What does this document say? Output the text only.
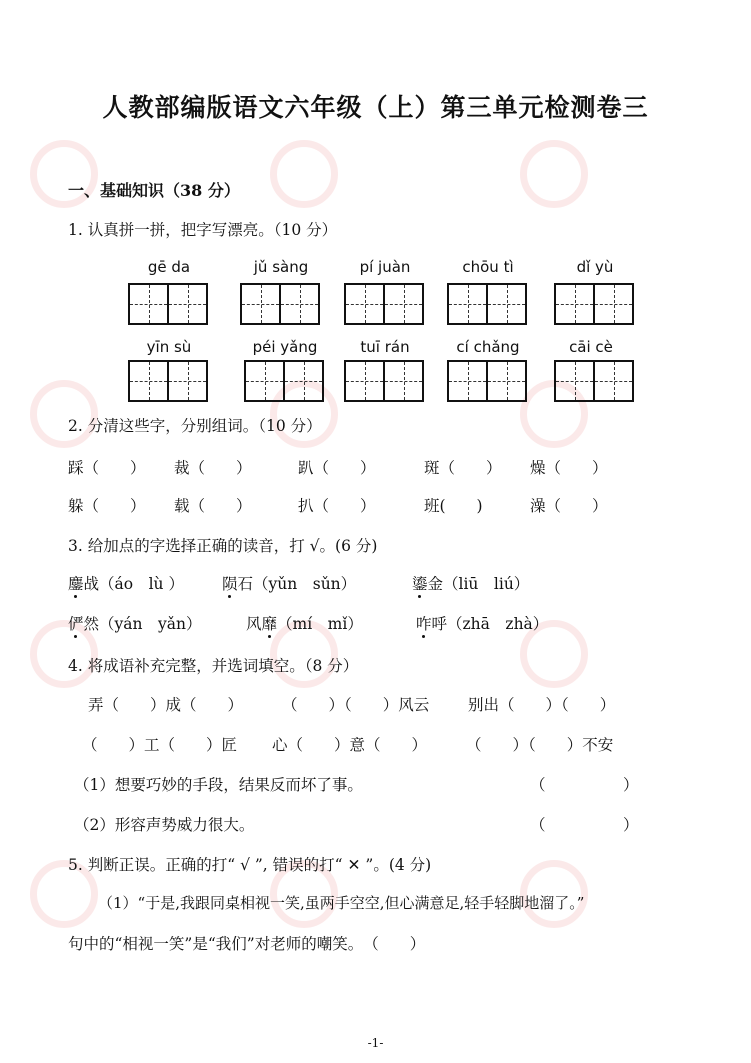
人教部编版语文六年级（上）第三单元检测卷三
一、基础知识（38 分）
1. 认真拼一拼，把字写漂亮。（10 分）
gē da	jǔ sàng	pí juàn	chōu tì	dǐ yù
yīn sù	péi yǎng	tuī rán	cí chǎng	cāi cè
2. 分清这些字，分别组词。（10 分）
踩（　　） 裁（　　）	趴（　　）	斑（　　） 燥（　　）
躲（　　） 载（　　）	扒（　　）	班(　　)	澡（　　）
3. 给加点的字选择正确的读音，打 √。(6 分)
鏖战（áo　lù ） 陨石（yǔn　sǔn）	鎏金（liū　liú）
俨然（yán　yǎn）	风靡（mí　mǐ）	咋呼（zhā　zhà）
4. 将成语补充完整，并选词填空。（8 分）
弄（　　）成（　　）	（　　）（　　）风云 别出（　　）（　　）
（　　）工（　　）匠 心（　　）意（　　）	（　　）（　　）不安
（1）想要巧妙的手段，结果反而坏了事。	（　　　　　）
（2）形容声势威力很大。	（　　　　　）
5. 判断正误。正确的打“ √ ”, 错误的打“ ✕ ”。(4 分)
（1）“于是,我跟同桌相视一笑,虽两手空空,但心满意足,轻手轻脚地溜了。”
句中的“相视一笑”是“我们”对老师的嘲笑。　（　　）
-1-
